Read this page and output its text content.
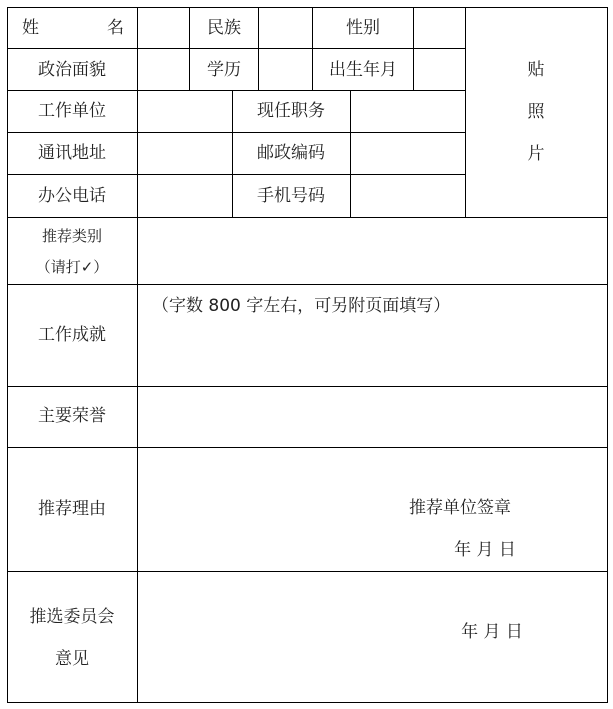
姓	名	民族	性别
政治面貌	学历	出生年月	贴
照
片
工作单位	现任职务
通讯地址	邮政编码
办公电话	手机号码
推荐类别
（请打✓）
工作成就
（字数 800 字左右，可另附页面填写）
主要荣誉
推荐理由	推荐单位签章
年 月 日
推选委员会
意见
年 月 日
